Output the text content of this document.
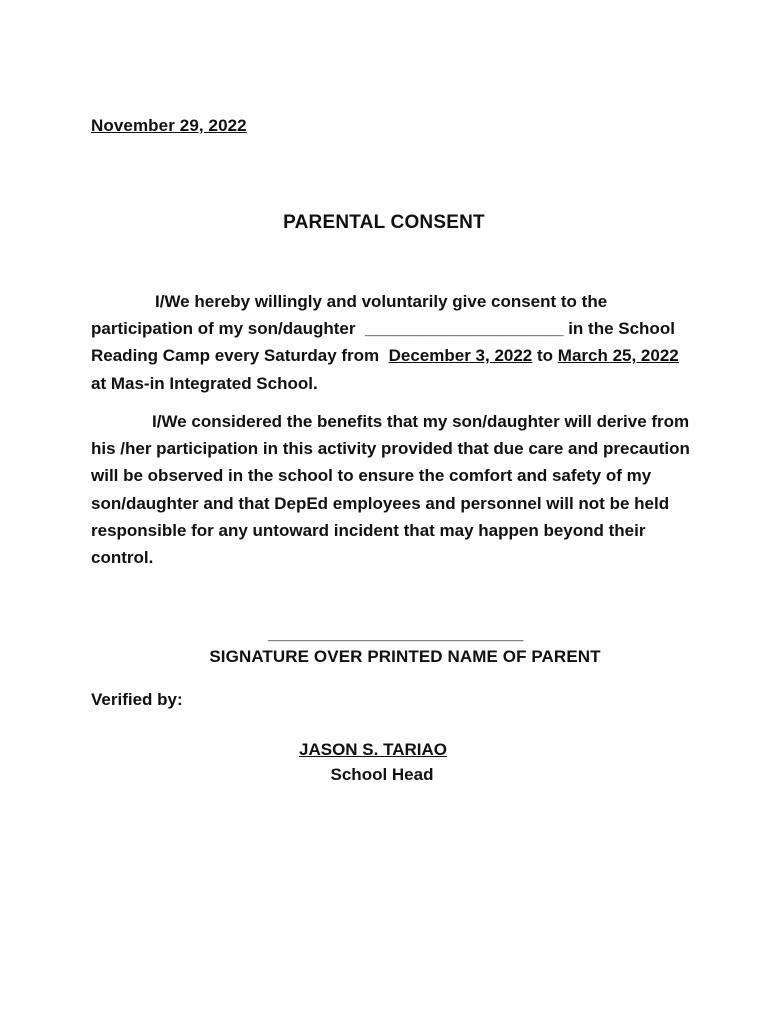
November 29, 2022
PARENTAL CONSENT

I/We hereby willingly and voluntarily give consent to the participation of my son/daughter _____________________ in the School Reading Camp every Saturday from December 3, 2022 to March 25, 2022 at Mas-in Integrated School.

I/We considered the benefits that my son/daughter will derive from his /her participation in this activity provided that due care and precaution will be observed in the school to ensure the comfort and safety of my son/daughter and that DepEd employees and personnel will not be held responsible for any untoward incident that may happen beyond their control.

___________________________
SIGNATURE OVER PRINTED NAME OF PARENT
Verified by:
JASON S. TARIAO
School Head
